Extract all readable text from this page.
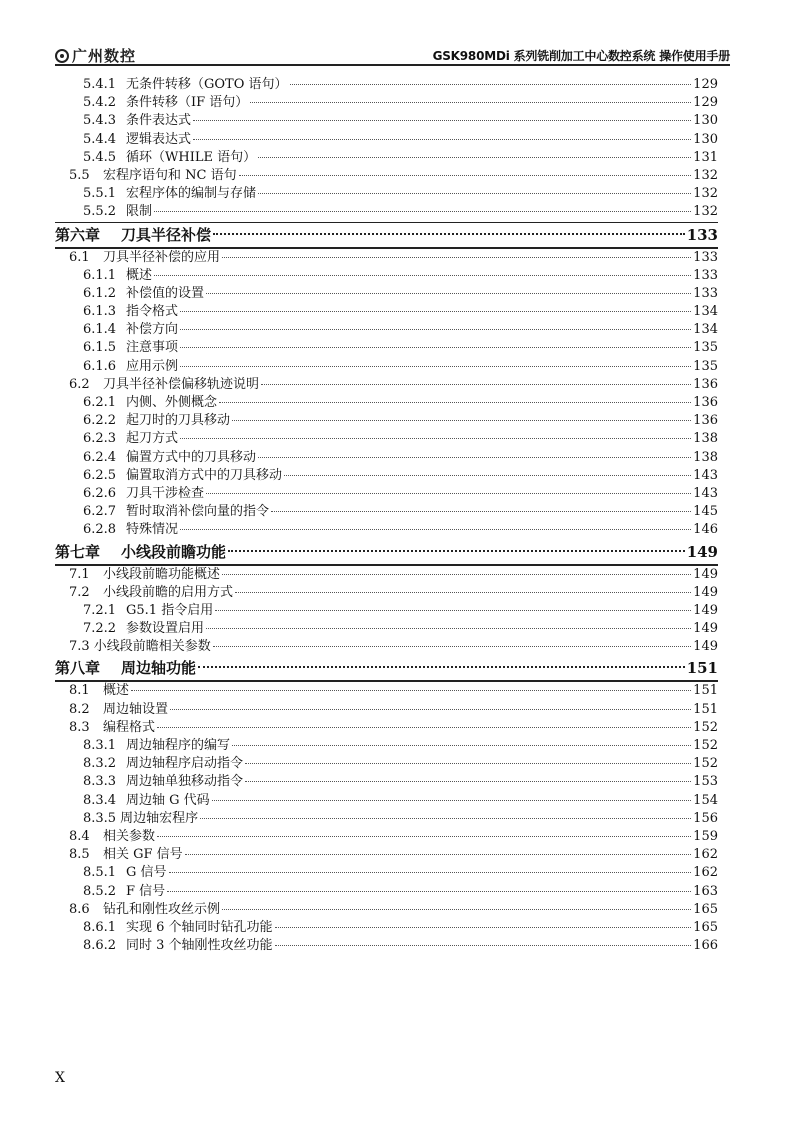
广州数控	GSK980MDi 系列铣削加工中心数控系统 操作使用手册
5.4.1 无条件转移（GOTO 语句）	129
5.4.2 条件转移（IF 语句）	129
5.4.3 条件表达式	130
5.4.4 逻辑表达式	130
5.4.5 循环（WHILE 语句）	131
5.5	宏程序语句和 NC 语句	132
5.5.1 宏程序体的编制与存储	132
5.5.2 限制	132
第六章	刀具半径补偿	133
6.1	刀具半径补偿的应用	133
6.1.1 概述	133
6.1.2 补偿值的设置	133
6.1.3 指令格式	134
6.1.4 补偿方向	134
6.1.5 注意事项	135
6.1.6 应用示例	135
6.2	刀具半径补偿偏移轨迹说明	136
6.2.1 内侧、外侧概念	136
6.2.2 起刀时的刀具移动	136
6.2.3 起刀方式	138
6.2.4 偏置方式中的刀具移动	138
6.2.5 偏置取消方式中的刀具移动	143
6.2.6 刀具干涉检查	143
6.2.7 暂时取消补偿向量的指令	145
6.2.8 特殊情况	146
第七章	小线段前瞻功能	149
7.1	小线段前瞻功能概述	149
7.2	小线段前瞻的启用方式	149
7.2.1 G5.1 指令启用	149
7.2.2 参数设置启用	149
7.3 小线段前瞻相关参数	149
第八章	周边轴功能	151
8.1	概述	151
8.2	周边轴设置	151
8.3	编程格式	152
8.3.1 周边轴程序的编写	152
8.3.2 周边轴程序启动指令	152
8.3.3 周边轴单独移动指令	153
8.3.4 周边轴 G 代码	154
8.3.5 周边轴宏程序	156
8.4	相关参数	159
8.5	相关 GF 信号	162
8.5.1 G 信号	162
8.5.2 F 信号	163
8.6	钻孔和刚性攻丝示例	165
8.6.1 实现 6 个轴同时钻孔功能	165
8.6.2 同时 3 个轴刚性攻丝功能	166
X
